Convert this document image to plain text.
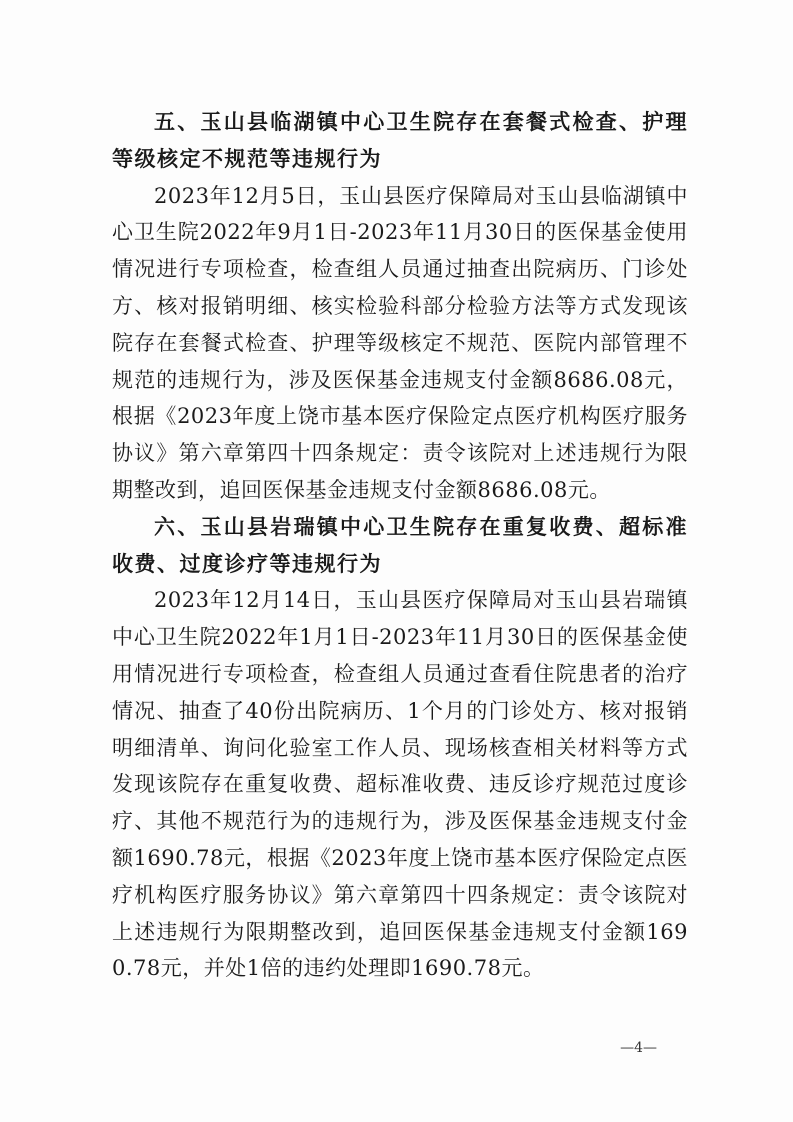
五、玉山县临湖镇中心卫生院存在套餐式检查、护理等级核定不规范等违规行为

2023年12月5日，玉山县医疗保障局对玉山县临湖镇中心卫生院2022年9月1日-2023年11月30日的医保基金使用情况进行专项检查，检查组人员通过抽查出院病历、门诊处方、核对报销明细、核实检验科部分检验方法等方式发现该院存在套餐式检查、护理等级核定不规范、医院内部管理不规范的违规行为，涉及医保基金违规支付金额8686.08元，根据《2023年度上饶市基本医疗保险定点医疗机构医疗服务协议》第六章第四十四条规定：责令该院对上述违规行为限期整改到，追回医保基金违规支付金额8686.08元。

六、玉山县岩瑞镇中心卫生院存在重复收费、超标准收费、过度诊疗等违规行为

2023年12月14日，玉山县医疗保障局对玉山县岩瑞镇中心卫生院2022年1月1日-2023年11月30日的医保基金使用情况进行专项检查，检查组人员通过查看住院患者的治疗情况、抽查了40份出院病历、1个月的门诊处方、核对报销明细清单、询问化验室工作人员、现场核查相关材料等方式发现该院存在重复收费、超标准收费、违反诊疗规范过度诊疗、其他不规范行为的违规行为，涉及医保基金违规支付金额1690.78元，根据《2023年度上饶市基本医疗保险定点医疗机构医疗服务协议》第六章第四十四条规定：责令该院对上述违规行为限期整改到，追回医保基金违规支付金额1690.78元，并处1倍的违约处理即1690.78元。

—4—
